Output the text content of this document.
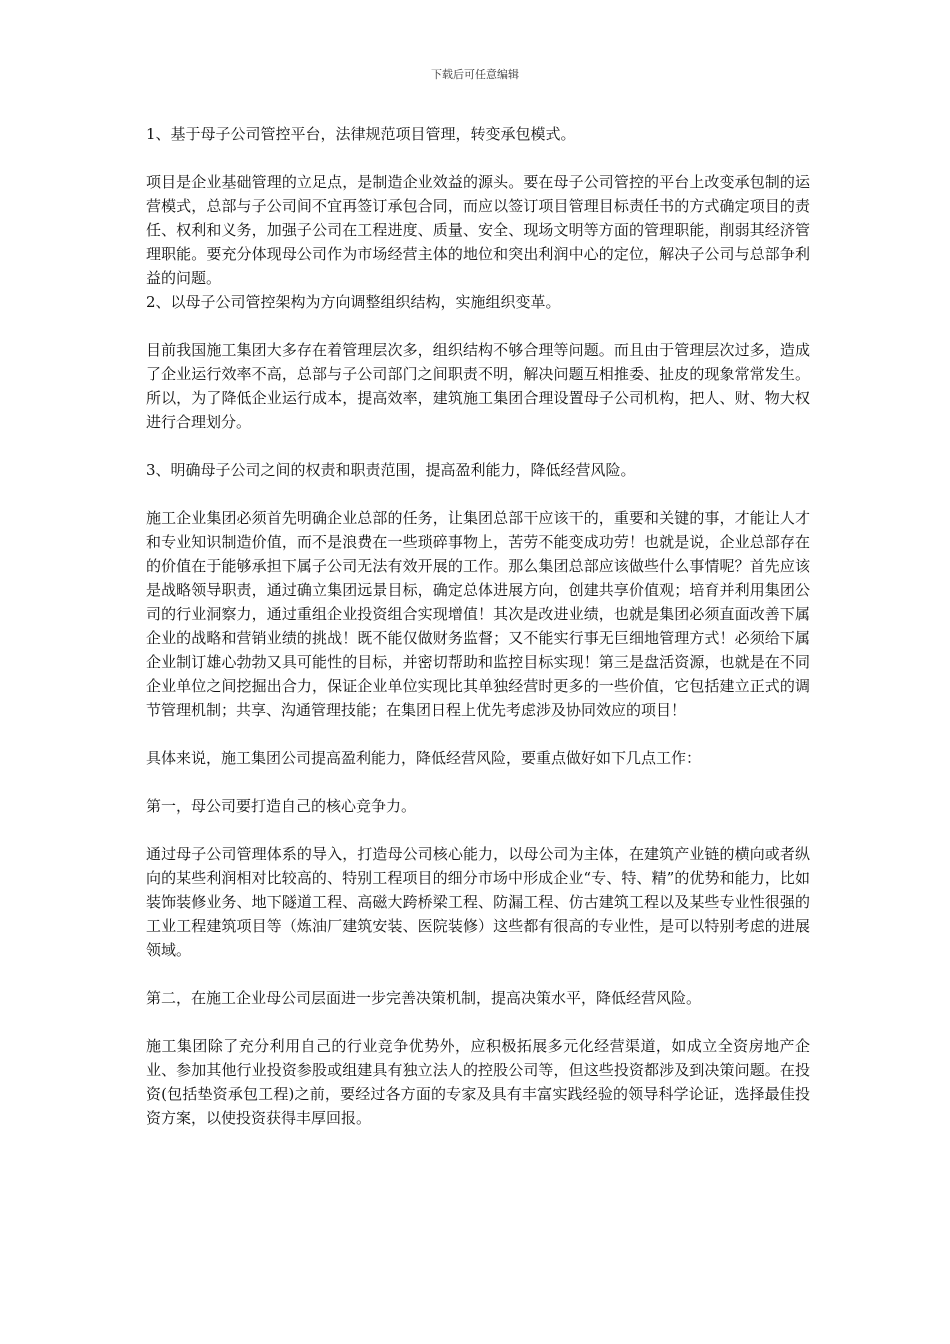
下载后可任意编辑

1、基于母子公司管控平台，法律规范项目管理，转变承包模式。

项目是企业基础管理的立足点，是制造企业效益的源头。要在母子公司管控的平台上改变承包制的运营模式，总部与子公司间不宜再签订承包合同，而应以签订项目管理目标责任书的方式确定项目的责任、权利和义务，加强子公司在工程进度、质量、安全、现场文明等方面的管理职能，削弱其经济管理职能。要充分体现母公司作为市场经营主体的地位和突出利润中心的定位，解决子公司与总部争利益的问题。

2、以母子公司管控架构为方向调整组织结构，实施组织变革。

目前我国施工集团大多存在着管理层次多，组织结构不够合理等问题。而且由于管理层次过多，造成了企业运行效率不高，总部与子公司部门之间职责不明，解决问题互相推委、扯皮的现象常常发生。所以，为了降低企业运行成本，提高效率，建筑施工集团合理设置母子公司机构，把人、财、物大权进行合理划分。

3、明确母子公司之间的权责和职责范围，提高盈利能力，降低经营风险。

施工企业集团必须首先明确企业总部的任务，让集团总部干应该干的，重要和关键的事，才能让人才和专业知识制造价值，而不是浪费在一些琐碎事物上，苦劳不能变成功劳！也就是说，企业总部存在的价值在于能够承担下属子公司无法有效开展的工作。那么集团总部应该做些什么事情呢？首先应该是战略领导职责，通过确立集团远景目标，确定总体进展方向，创建共享价值观；培育并利用集团公司的行业洞察力，通过重组企业投资组合实现增值！其次是改进业绩，也就是集团必须直面改善下属企业的战略和营销业绩的挑战！既不能仅做财务监督；又不能实行事无巨细地管理方式！必须给下属企业制订雄心勃勃又具可能性的目标，并密切帮助和监控目标实现！第三是盘活资源，也就是在不同企业单位之间挖掘出合力，保证企业单位实现比其单独经营时更多的一些价值，它包括建立正式的调节管理机制；共享、沟通管理技能；在集团日程上优先考虑涉及协同效应的项目！

具体来说，施工集团公司提高盈利能力，降低经营风险，要重点做好如下几点工作：

第一，母公司要打造自己的核心竞争力。

通过母子公司管理体系的导入，打造母公司核心能力，以母公司为主体，在建筑产业链的横向或者纵向的某些利润相对比较高的、特别工程项目的细分市场中形成企业“专、特、精”的优势和能力，比如装饰装修业务、地下隧道工程、高磁大跨桥梁工程、防漏工程、仿古建筑工程以及某些专业性很强的工业工程建筑项目等（炼油厂建筑安装、医院装修）这些都有很高的专业性，是可以特别考虑的进展领域。

第二，在施工企业母公司层面进一步完善决策机制，提高决策水平，降低经营风险。

施工集团除了充分利用自己的行业竞争优势外，应积极拓展多元化经营渠道，如成立全资房地产企业、参加其他行业投资参股或组建具有独立法人的控股公司等，但这些投资都涉及到决策问题。在投资(包括垫资承包工程)之前，要经过各方面的专家及具有丰富实践经验的领导科学论证，选择最佳投资方案，以使投资获得丰厚回报。
